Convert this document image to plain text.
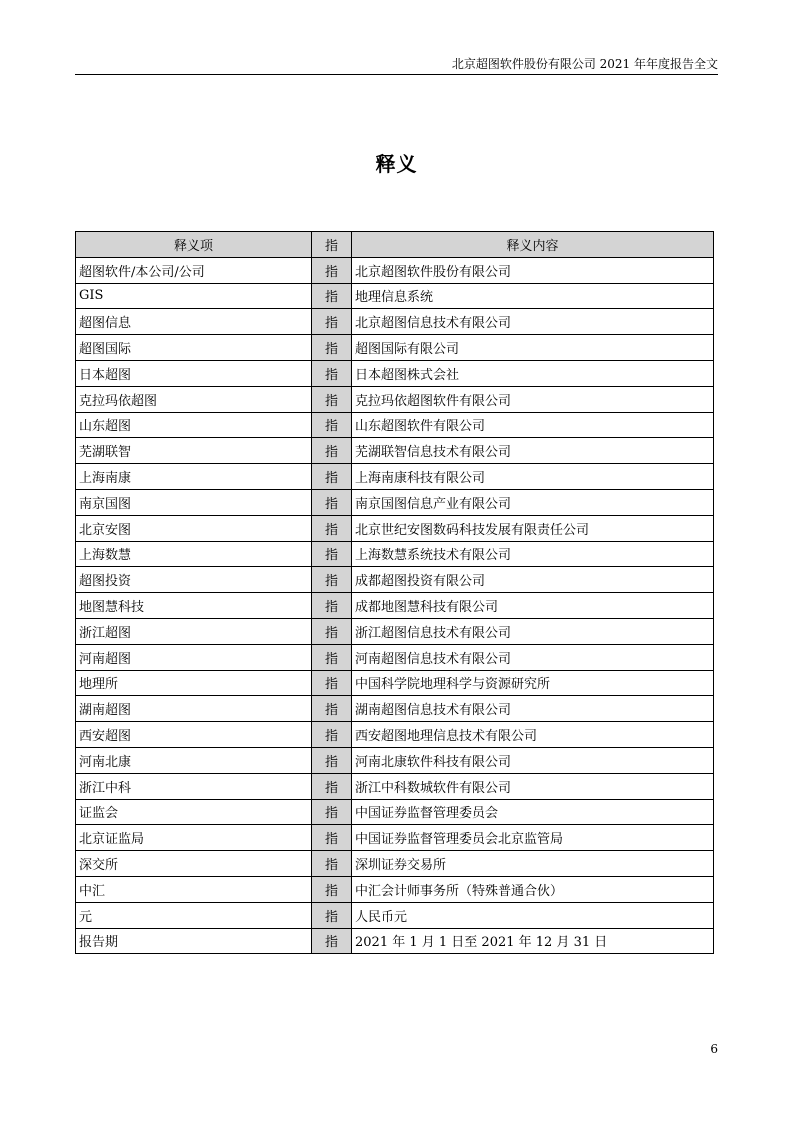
北京超图软件股份有限公司 2021 年年度报告全文
释义
释义项	指	释义内容
超图软件/本公司/公司	指	北京超图软件股份有限公司
GIS	指	地理信息系统
超图信息	指	北京超图信息技术有限公司
超图国际	指	超图国际有限公司
日本超图	指	日本超图株式会社
克拉玛依超图	指	克拉玛依超图软件有限公司
山东超图	指	山东超图软件有限公司
芜湖联智	指	芜湖联智信息技术有限公司
上海南康	指	上海南康科技有限公司
南京国图	指	南京国图信息产业有限公司
北京安图	指	北京世纪安图数码科技发展有限责任公司
上海数慧	指	上海数慧系统技术有限公司
超图投资	指	成都超图投资有限公司
地图慧科技	指	成都地图慧科技有限公司
浙江超图	指	浙江超图信息技术有限公司
河南超图	指	河南超图信息技术有限公司
地理所	指	中国科学院地理科学与资源研究所
湖南超图	指	湖南超图信息技术有限公司
西安超图	指	西安超图地理信息技术有限公司
河南北康	指	河南北康软件科技有限公司
浙江中科	指	浙江中科数城软件有限公司
证监会	指	中国证券监督管理委员会
北京证监局	指	中国证券监督管理委员会北京监管局
深交所	指	深圳证券交易所
中汇	指	中汇会计师事务所（特殊普通合伙）
元	指	人民币元
报告期	指	2021 年 1 月 1 日至 2021 年 12 月 31 日
6
